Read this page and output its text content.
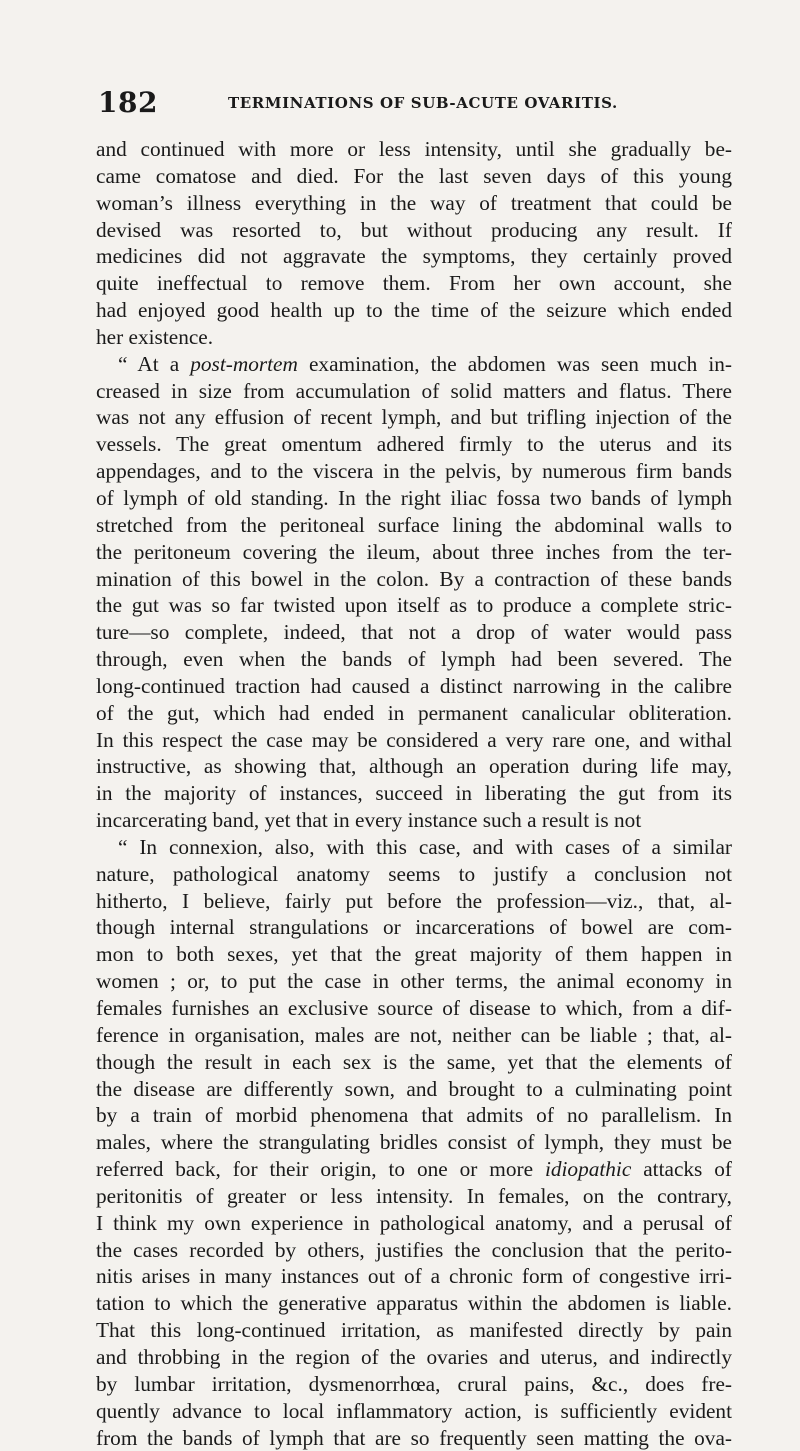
182	TERMINATIONS OF SUB-ACUTE OVARITIS.
and continued with more or less intensity, until she gradually be-
came comatose and died. For the last seven days of this young
woman’s illness everything in the way of treatment that could be
devised was resorted to, but without producing any result. If
medicines did not aggravate the symptoms, they certainly proved
quite ineffectual to remove them. From her own account, she
had enjoyed good health up to the time of the seizure which ended
her existence.
“ At a post-mortem examination, the abdomen was seen much in-
creased in size from accumulation of solid matters and flatus. There
was not any effusion of recent lymph, and but trifling injection of the
vessels. The great omentum adhered firmly to the uterus and its
appendages, and to the viscera in the pelvis, by numerous firm bands
of lymph of old standing. In the right iliac fossa two bands of lymph
stretched from the peritoneal surface lining the abdominal walls to
the peritoneum covering the ileum, about three inches from the ter-
mination of this bowel in the colon. By a contraction of these bands
the gut was so far twisted upon itself as to produce a complete stric-
ture—so complete, indeed, that not a drop of water would pass
through, even when the bands of lymph had been severed. The
long-continued traction had caused a distinct narrowing in the calibre
of the gut, which had ended in permanent canalicular obliteration.
In this respect the case may be considered a very rare one, and withal
instructive, as showing that, although an operation during life may,
in the majority of instances, succeed in liberating the gut from its
incarcerating band, yet that in every instance such a result is not
“ In connexion, also, with this case, and with cases of a similar
nature, pathological anatomy seems to justify a conclusion not
hitherto, I believe, fairly put before the profession—viz., that, al-
though internal strangulations or incarcerations of bowel are com-
mon to both sexes, yet that the great majority of them happen in
women ; or, to put the case in other terms, the animal economy in
females furnishes an exclusive source of disease to which, from a dif-
ference in organisation, males are not, neither can be liable ; that, al-
though the result in each sex is the same, yet that the elements of
the disease are differently sown, and brought to a culminating point
by a train of morbid phenomena that admits of no parallelism. In
males, where the strangulating bridles consist of lymph, they must be
referred back, for their origin, to one or more idiopathic attacks of
peritonitis of greater or less intensity. In females, on the contrary,
I think my own experience in pathological anatomy, and a perusal of
the cases recorded by others, justifies the conclusion that the perito-
nitis arises in many instances out of a chronic form of congestive irri-
tation to which the generative apparatus within the abdomen is liable.
That this long-continued irritation, as manifested directly by pain
and throbbing in the region of the ovaries and uterus, and indirectly
by lumbar irritation, dysmenorrhœa, crural pains, &c., does fre-
quently advance to local inflammatory action, is sufficiently evident
from the bands of lymph that are so frequently seen matting the ova-
